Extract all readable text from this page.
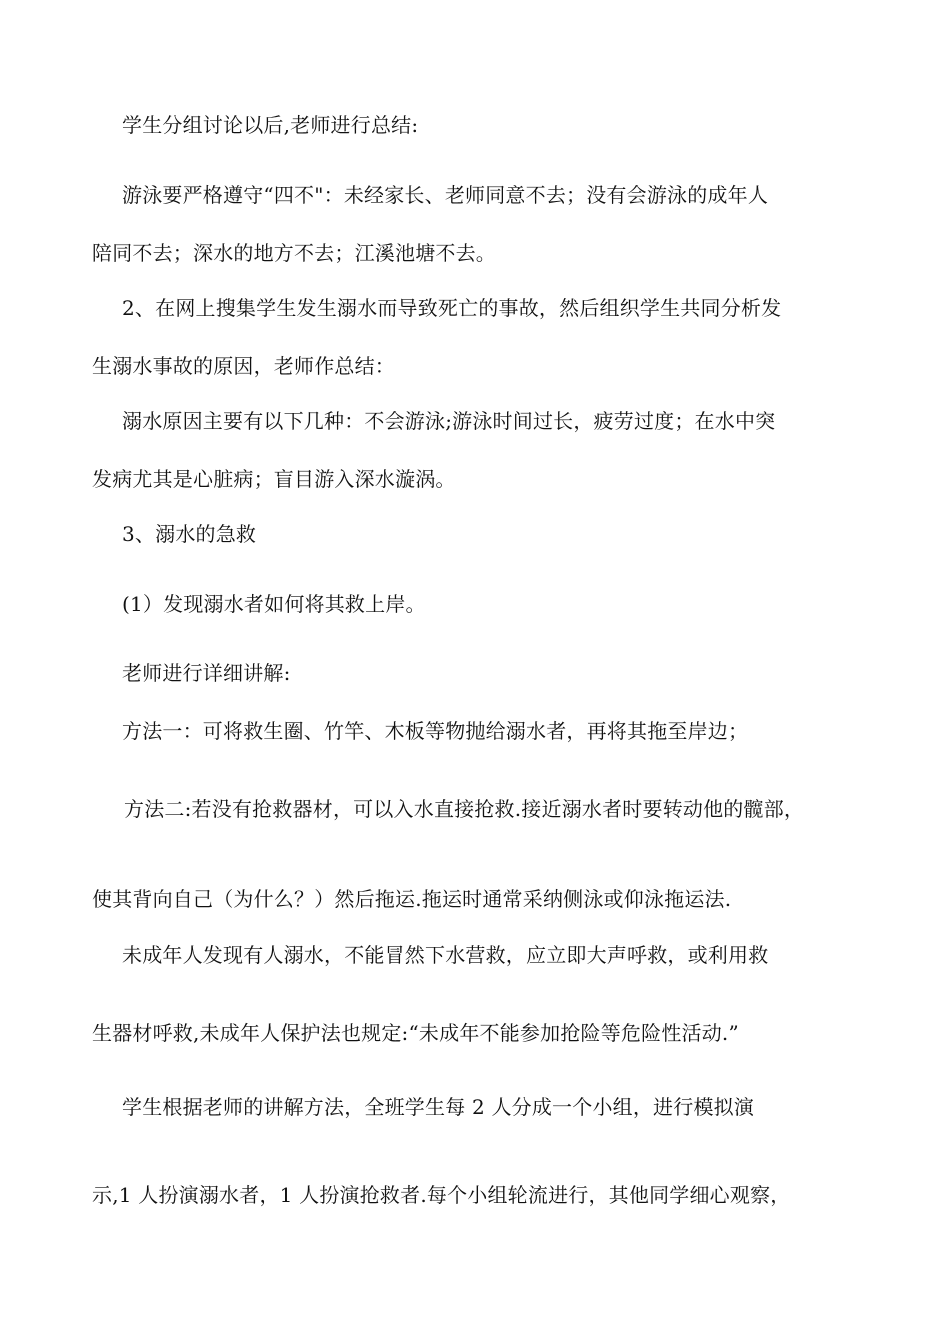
学生分组讨论以后,老师进行总结:
游泳要严格遵守“四不"：未经家长、老师同意不去；没有会游泳的成年人
陪同不去；深水的地方不去；江溪池塘不去。
2、在网上搜集学生发生溺水而导致死亡的事故，然后组织学生共同分析发
生溺水事故的原因，老师作总结：
溺水原因主要有以下几种：不会游泳;游泳时间过长，疲劳过度；在水中突
发病尤其是心脏病；盲目游入深水漩涡。
3、溺水的急救
(1）发现溺水者如何将其救上岸。
老师进行详细讲解:
方法一：可将救生圈、竹竿、木板等物抛给溺水者，再将其拖至岸边；
方法二:若没有抢救器材，可以入水直接抢救.接近溺水者时要转动他的髋部，
使其背向自己（为什么？）然后拖运.拖运时通常采纳侧泳或仰泳拖运法.
未成年人发现有人溺水，不能冒然下水营救，应立即大声呼救，或利用救
生器材呼救,未成年人保护法也规定:“未成年不能参加抢险等危险性活动.”
学生根据老师的讲解方法，全班学生每 2 人分成一个小组，进行模拟演
示,1 人扮演溺水者，1 人扮演抢救者.每个小组轮流进行，其他同学细心观察，
